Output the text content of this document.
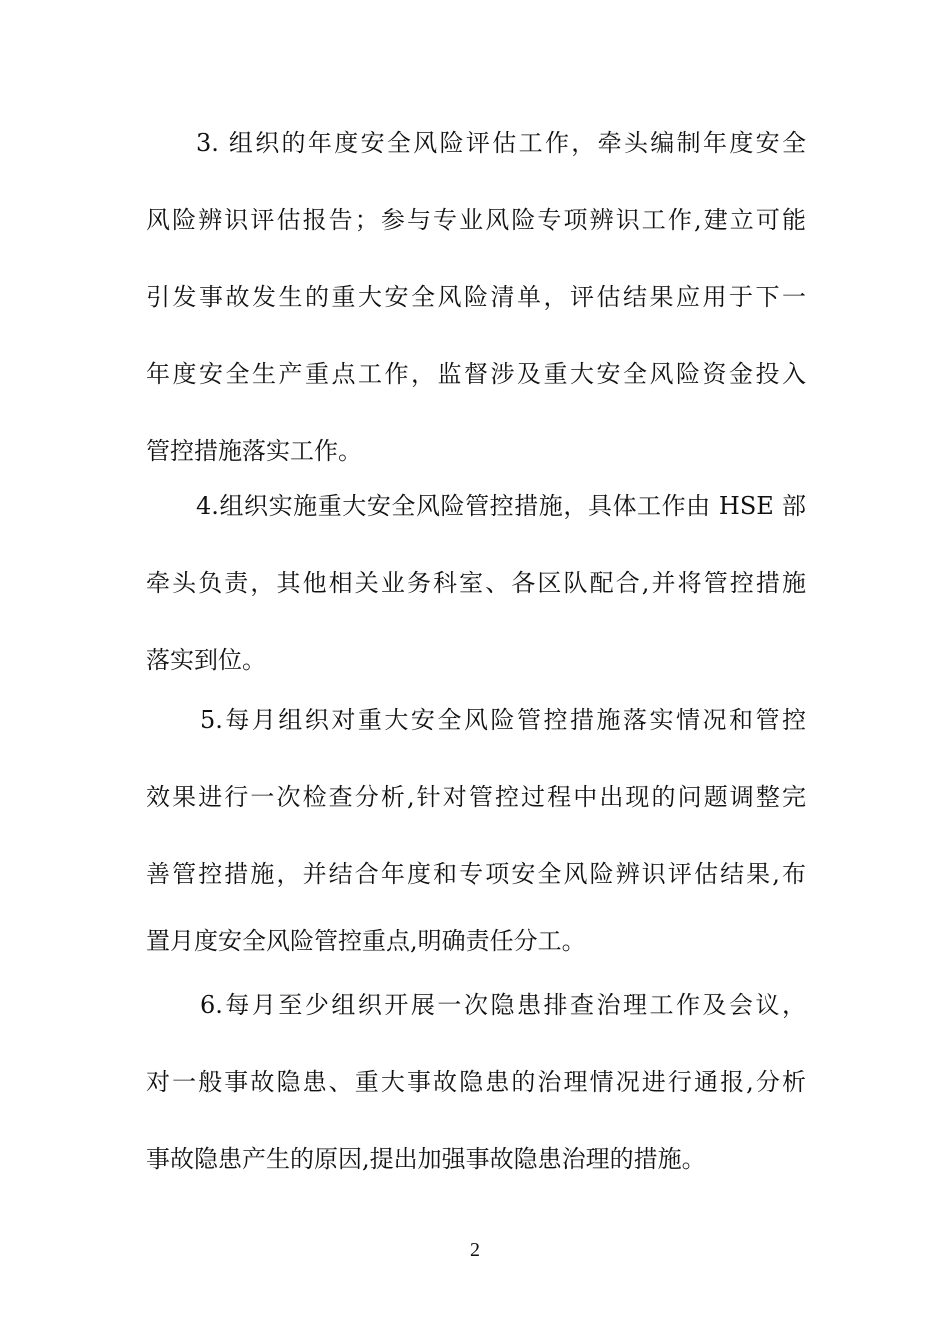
3. 组织的年度安全风险评估工作，牵头编制年度安全
风险辨识评估报告；参与专业风险专项辨识工作,建立可能
引发事故发生的重大安全风险清单，评估结果应用于下一
年度安全生产重点工作，监督涉及重大安全风险资金投入
管控措施落实工作。
4.组织实施重大安全风险管控措施，具体工作由 HSE 部
牵头负责，其他相关业务科室、各区队配合,并将管控措施
落实到位。
5.每月组织对重大安全风险管控措施落实情况和管控
效果进行一次检查分析,针对管控过程中出现的问题调整完
善管控措施，并结合年度和专项安全风险辨识评估结果,布
置月度安全风险管控重点,明确责任分工。
6.每月至少组织开展一次隐患排查治理工作及会议，
对一般事故隐患、重大事故隐患的治理情况进行通报,分析
事故隐患产生的原因,提出加强事故隐患治理的措施。
2
